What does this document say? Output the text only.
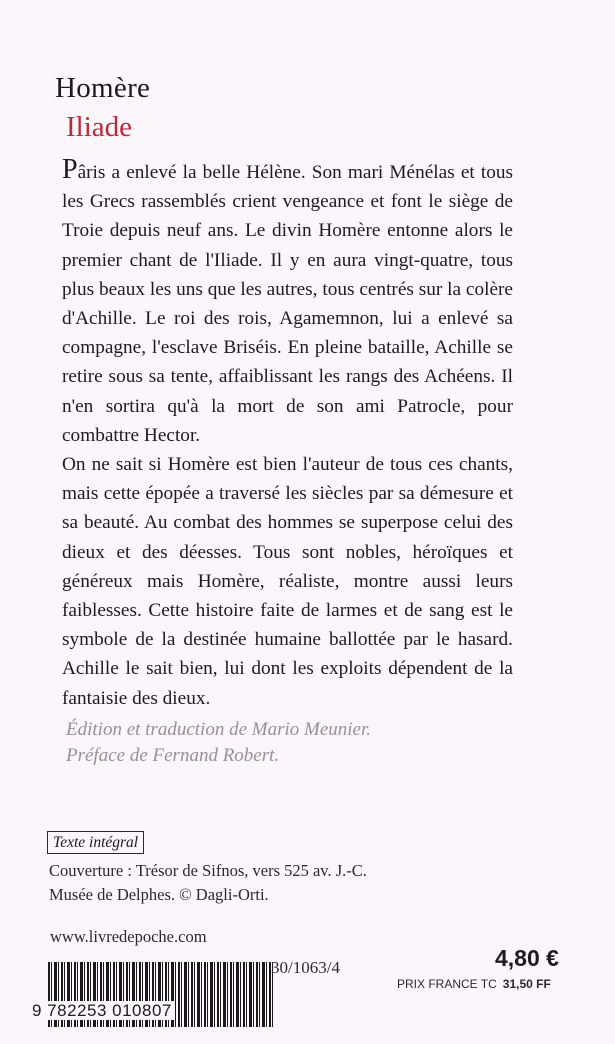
Homère
Iliade

Pâris a enlevé la belle Hélène. Son mari Ménélas et tous les Grecs rassemblés crient vengeance et font le siège de Troie depuis neuf ans. Le divin Homère entonne alors le premier chant de l'Iliade. Il y en aura vingt-quatre, tous plus beaux les uns que les autres, tous centrés sur la colère d'Achille. Le roi des rois, Agamemnon, lui a enlevé sa compagne, l'esclave Briséis. En pleine bataille, Achille se retire sous sa tente, affaiblissant les rangs des Achéens. Il n'en sortira qu'à la mort de son ami Patrocle, pour combattre Hector.

On ne sait si Homère est bien l'auteur de tous ces chants, mais cette épopée a traversé les siècles par sa démesure et sa beauté. Au combat des hommes se superpose celui des dieux et des déesses. Tous sont nobles, héroïques et généreux mais Homère, réaliste, montre aussi leurs faiblesses. Cette histoire faite de larmes et de sang est le symbole de la destinée humaine ballottée par le hasard. Achille le sait bien, lui dont les exploits dépendent de la fantaisie des dieux.

Édition et traduction de Mario Meunier.
Préface de Fernand Robert.
Texte intégral
Couverture : Trésor de Sifnos, vers 525 av. J.-C.
Musée de Delphes. © Dagli-Orti.
www.livredepoche.com
9 782253 010807
30/1063/4	4,80 €
PRIX FRANCE TC 31,50 FF
